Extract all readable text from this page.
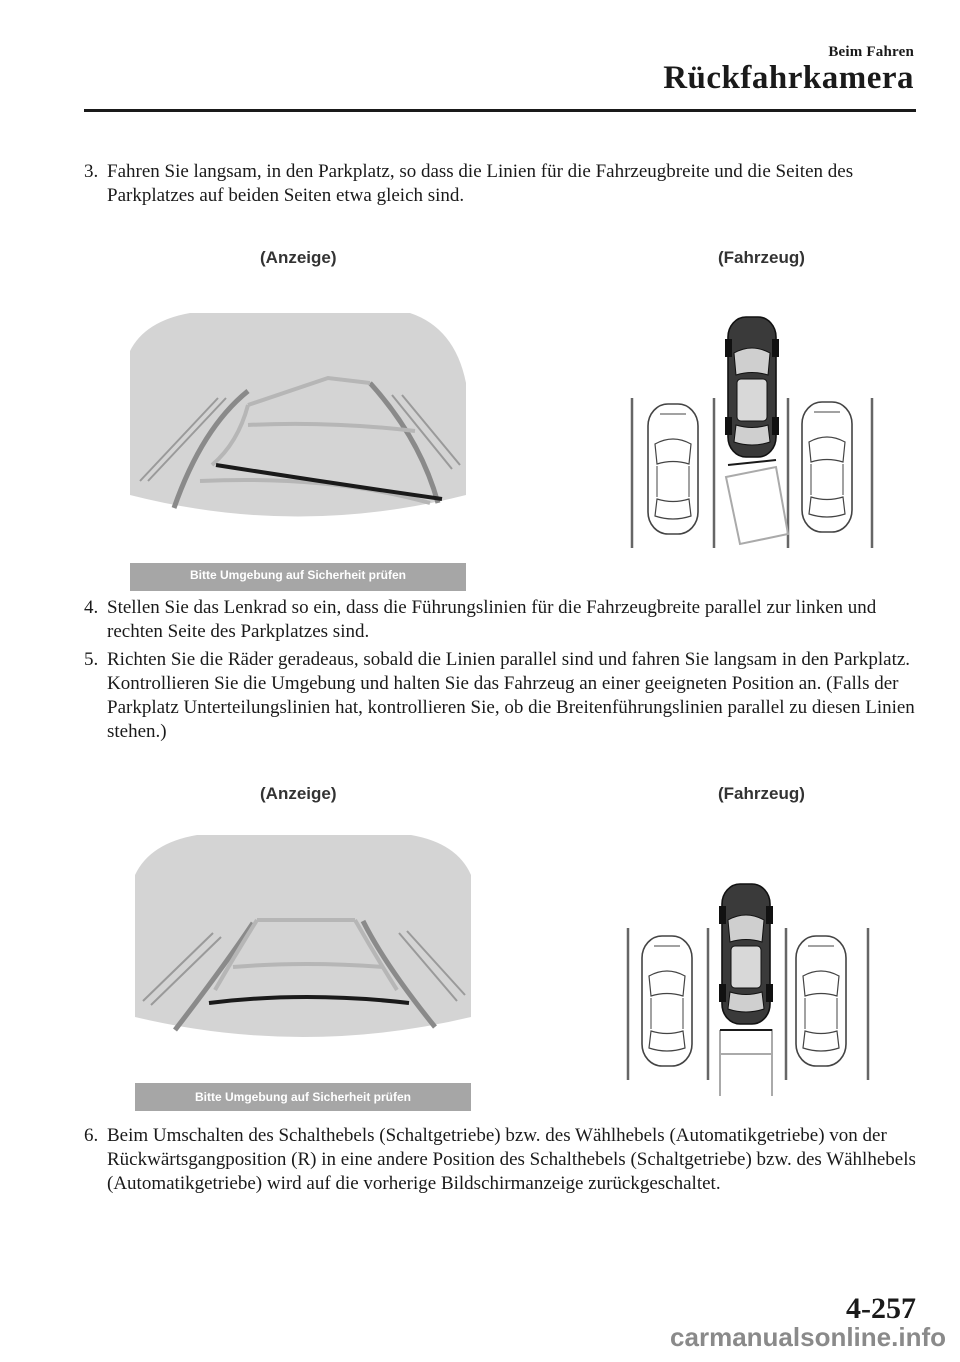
Beim Fahren
Rückfahrkamera
3. Fahren Sie langsam, in den Parkplatz, so dass die Linien für die Fahrzeugbreite und die Seiten des Parkplatzes auf beiden Seiten etwa gleich sind.
(Anzeige)	(Fahrzeug)
Bitte Umgebung auf Sicherheit prüfen
4. Stellen Sie das Lenkrad so ein, dass die Führungslinien für die Fahrzeugbreite parallel zur linken und rechten Seite des Parkplatzes sind.
5. Richten Sie die Räder geradeaus, sobald die Linien parallel sind und fahren Sie langsam in den Parkplatz. Kontrollieren Sie die Umgebung und halten Sie das Fahrzeug an einer geeigneten Position an. (Falls der Parkplatz Unterteilungslinien hat, kontrollieren Sie, ob die Breitenführungslinien parallel zu diesen Linien stehen.)
(Anzeige)	(Fahrzeug)
Bitte Umgebung auf Sicherheit prüfen
6. Beim Umschalten des Schalthebels (Schaltgetriebe) bzw. des Wählhebels (Automatikgetriebe) von der Rückwärtsgangposition (R) in eine andere Position des Schalthebels (Schaltgetriebe) bzw. des Wählhebels (Automatikgetriebe) wird auf die vorherige Bildschirmanzeige zurückgeschaltet.
4-257
carmanualsonline.info
